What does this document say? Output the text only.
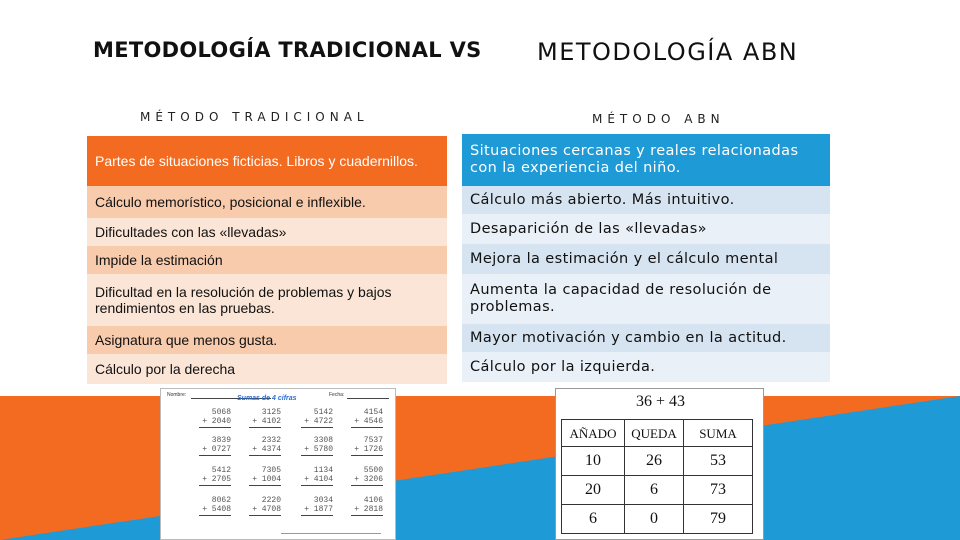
METODOLOGÍA TRADICIONAL VS METODOLOGÍA ABN
MÉTODO TRADICIONAL	MÉTODO ABN
Partes de situaciones ficticias. Libros y cuadernillos.
Cálculo memorístico, posicional e inflexible.
Dificultades con las «llevadas»
Impide la estimación
Dificultad en la resolución de problemas y bajos rendimientos en las pruebas.
Asignatura que menos gusta.
Cálculo por la derecha
Situaciones cercanas y reales relacionadas con la experiencia del niño.
Cálculo más abierto. Más intuitivo.
Desaparición de las «llevadas»
Mejora la estimación y el cálculo mental
Aumenta la capacidad de resolución de problemas.
Mayor motivación y cambio en la actitud.
Cálculo por la izquierda.
Nombre:	Fecha:
Sumas de 4 cifras
5068
+ 2040
3125
+ 4102
5142
+ 4722
4154
+ 4546
3839
+ 0727
2332
+ 4374
3308
+ 5780
7537
+ 1726
5412
+ 2705
7305
+ 1004
1134
+ 4104
5500
+ 3206
8062
+ 5408
2220
+ 4708
3034
+ 1877
4106
+ 2818
36 + 43
AÑADO	QUEDA	SUMA
10	26	53
20	6	73
6	0	79
